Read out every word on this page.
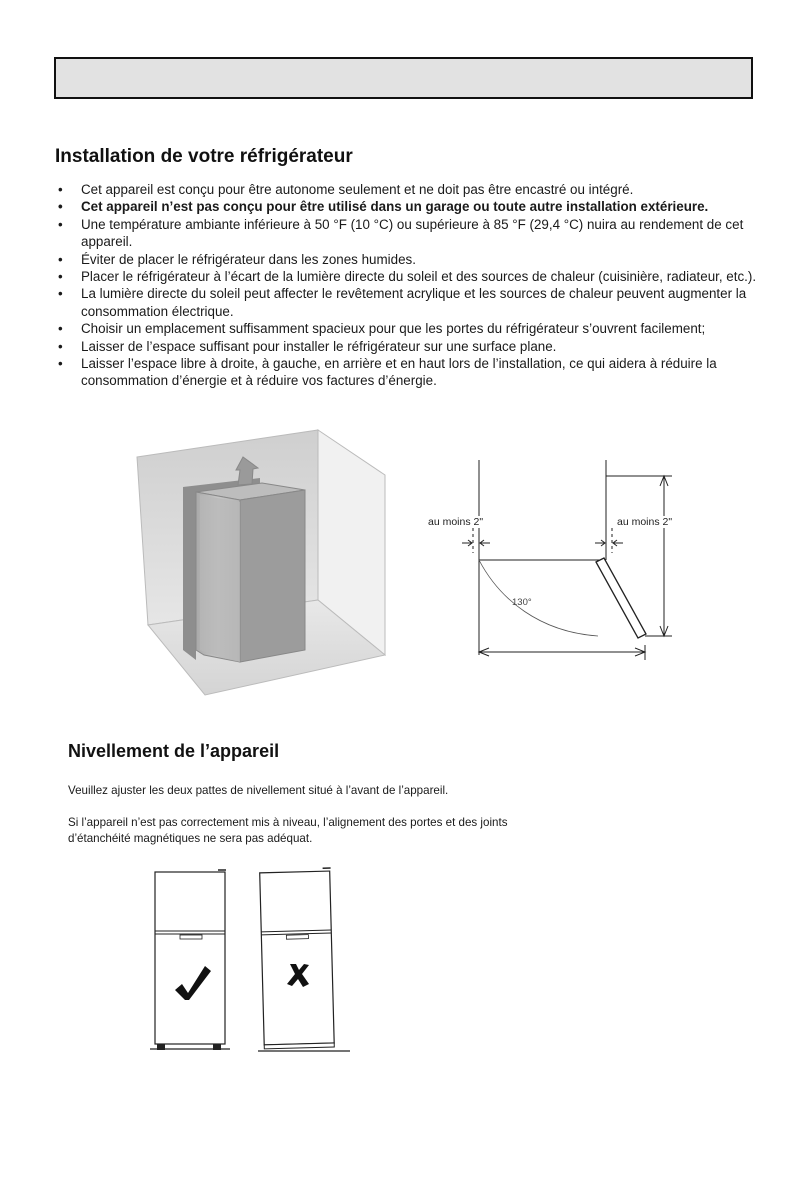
Installation de votre réfrigérateur
• Cet appareil est conçu pour être autonome seulement et ne doit pas être encastré ou intégré.
• Cet appareil n’est pas conçu pour être utilisé dans un garage ou toute autre installation extérieure.
• Une température ambiante inférieure à 50 °F (10 °C) ou supérieure à 85 °F (29,4 °C) nuira au rendement de cet appareil.
• Éviter de placer le réfrigérateur dans les zones humides.
• Placer le réfrigérateur à l’écart de la lumière directe du soleil et des sources de chaleur (cuisinière, radiateur, etc.).
• La lumière directe du soleil peut affecter le revêtement acrylique et les sources de chaleur peuvent augmenter la consommation électrique.
• Choisir un emplacement suffisamment spacieux pour que les portes du réfrigérateur s’ouvrent facilement;
• Laisser de l’espace suffisant pour installer le réfrigérateur sur une surface plane.
• Laisser l’espace libre à droite, à gauche, en arrière et en haut lors de l’installation, ce qui aidera à réduire la consommation d’énergie et à réduire vos factures d’énergie.
au moins 2"	au moins 2"
130°
Nivellement de l’appareil

Veuillez ajuster les deux pattes de nivellement situé à l’avant de l’appareil.

Si l’appareil n’est pas correctement mis à niveau, l’alignement des portes et des joints d’étanchéité magnétiques ne sera pas adéquat.
